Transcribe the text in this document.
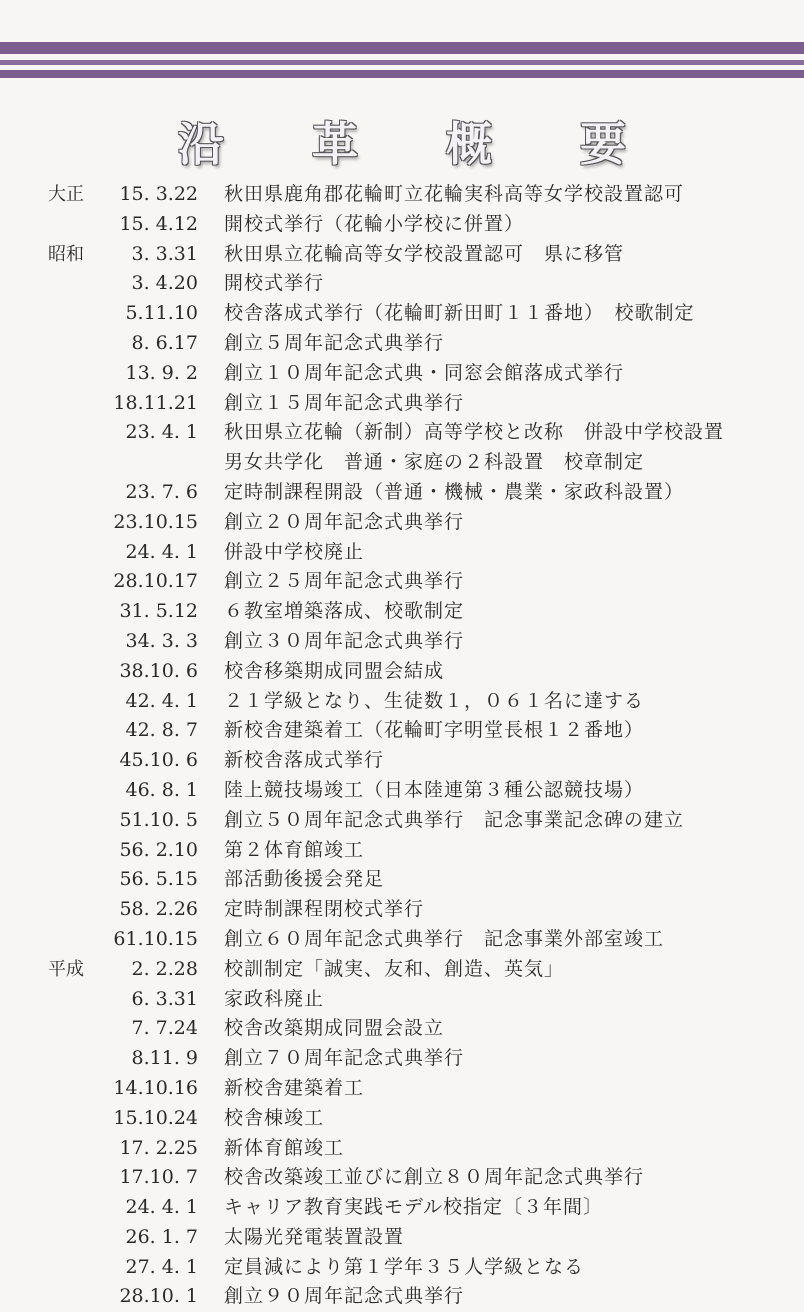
沿 革 概 要
大正	15. 3.22 秋田県鹿角郡花輪町立花輪実科高等女学校設置認可
15. 4.12 開校式挙行（花輪小学校に併置）
昭和	3. 3.31 秋田県立花輪高等女学校設置認可　県に移管
3. 4.20 開校式挙行
5.11.10 校舎落成式挙行（花輪町新田町１１番地）　校歌制定
8. 6.17 創立５周年記念式典挙行
13. 9. 2 創立１０周年記念式典・同窓会館落成式挙行
18.11.21 創立１５周年記念式典挙行
23. 4. 1 秋田県立花輪（新制）高等学校と改称　併設中学校設置
男女共学化　普通・家庭の２科設置　校章制定
23. 7. 6 定時制課程開設（普通・機械・農業・家政科設置）
23.10.15 創立２０周年記念式典挙行
24. 4. 1 併設中学校廃止
28.10.17 創立２５周年記念式典挙行
31. 5.12 ６教室増築落成、校歌制定
34. 3. 3 創立３０周年記念式典挙行
38.10. 6 校舎移築期成同盟会結成
42. 4. 1 ２１学級となり、生徒数１，０６１名に達する
42. 8. 7 新校舎建築着工（花輪町字明堂長根１２番地）
45.10. 6 新校舎落成式挙行
46. 8. 1 陸上競技場竣工（日本陸連第３種公認競技場）
51.10. 5 創立５０周年記念式典挙行　記念事業記念碑の建立
56. 2.10 第２体育館竣工
56. 5.15 部活動後援会発足
58. 2.26 定時制課程閉校式挙行
61.10.15 創立６０周年記念式典挙行　記念事業外部室竣工
平成	2. 2.28 校訓制定「誠実、友和、創造、英気」
6. 3.31 家政科廃止
7. 7.24 校舎改築期成同盟会設立
8.11. 9 創立７０周年記念式典挙行
14.10.16 新校舎建築着工
15.10.24 校舎棟竣工
17. 2.25 新体育館竣工
17.10. 7 校舎改築竣工並びに創立８０周年記念式典挙行
24. 4. 1 キャリア教育実践モデル校指定〔３年間〕
26. 1. 7 太陽光発電装置設置
27. 4. 1 定員減により第１学年３５人学級となる
28.10. 1 創立９０周年記念式典挙行
